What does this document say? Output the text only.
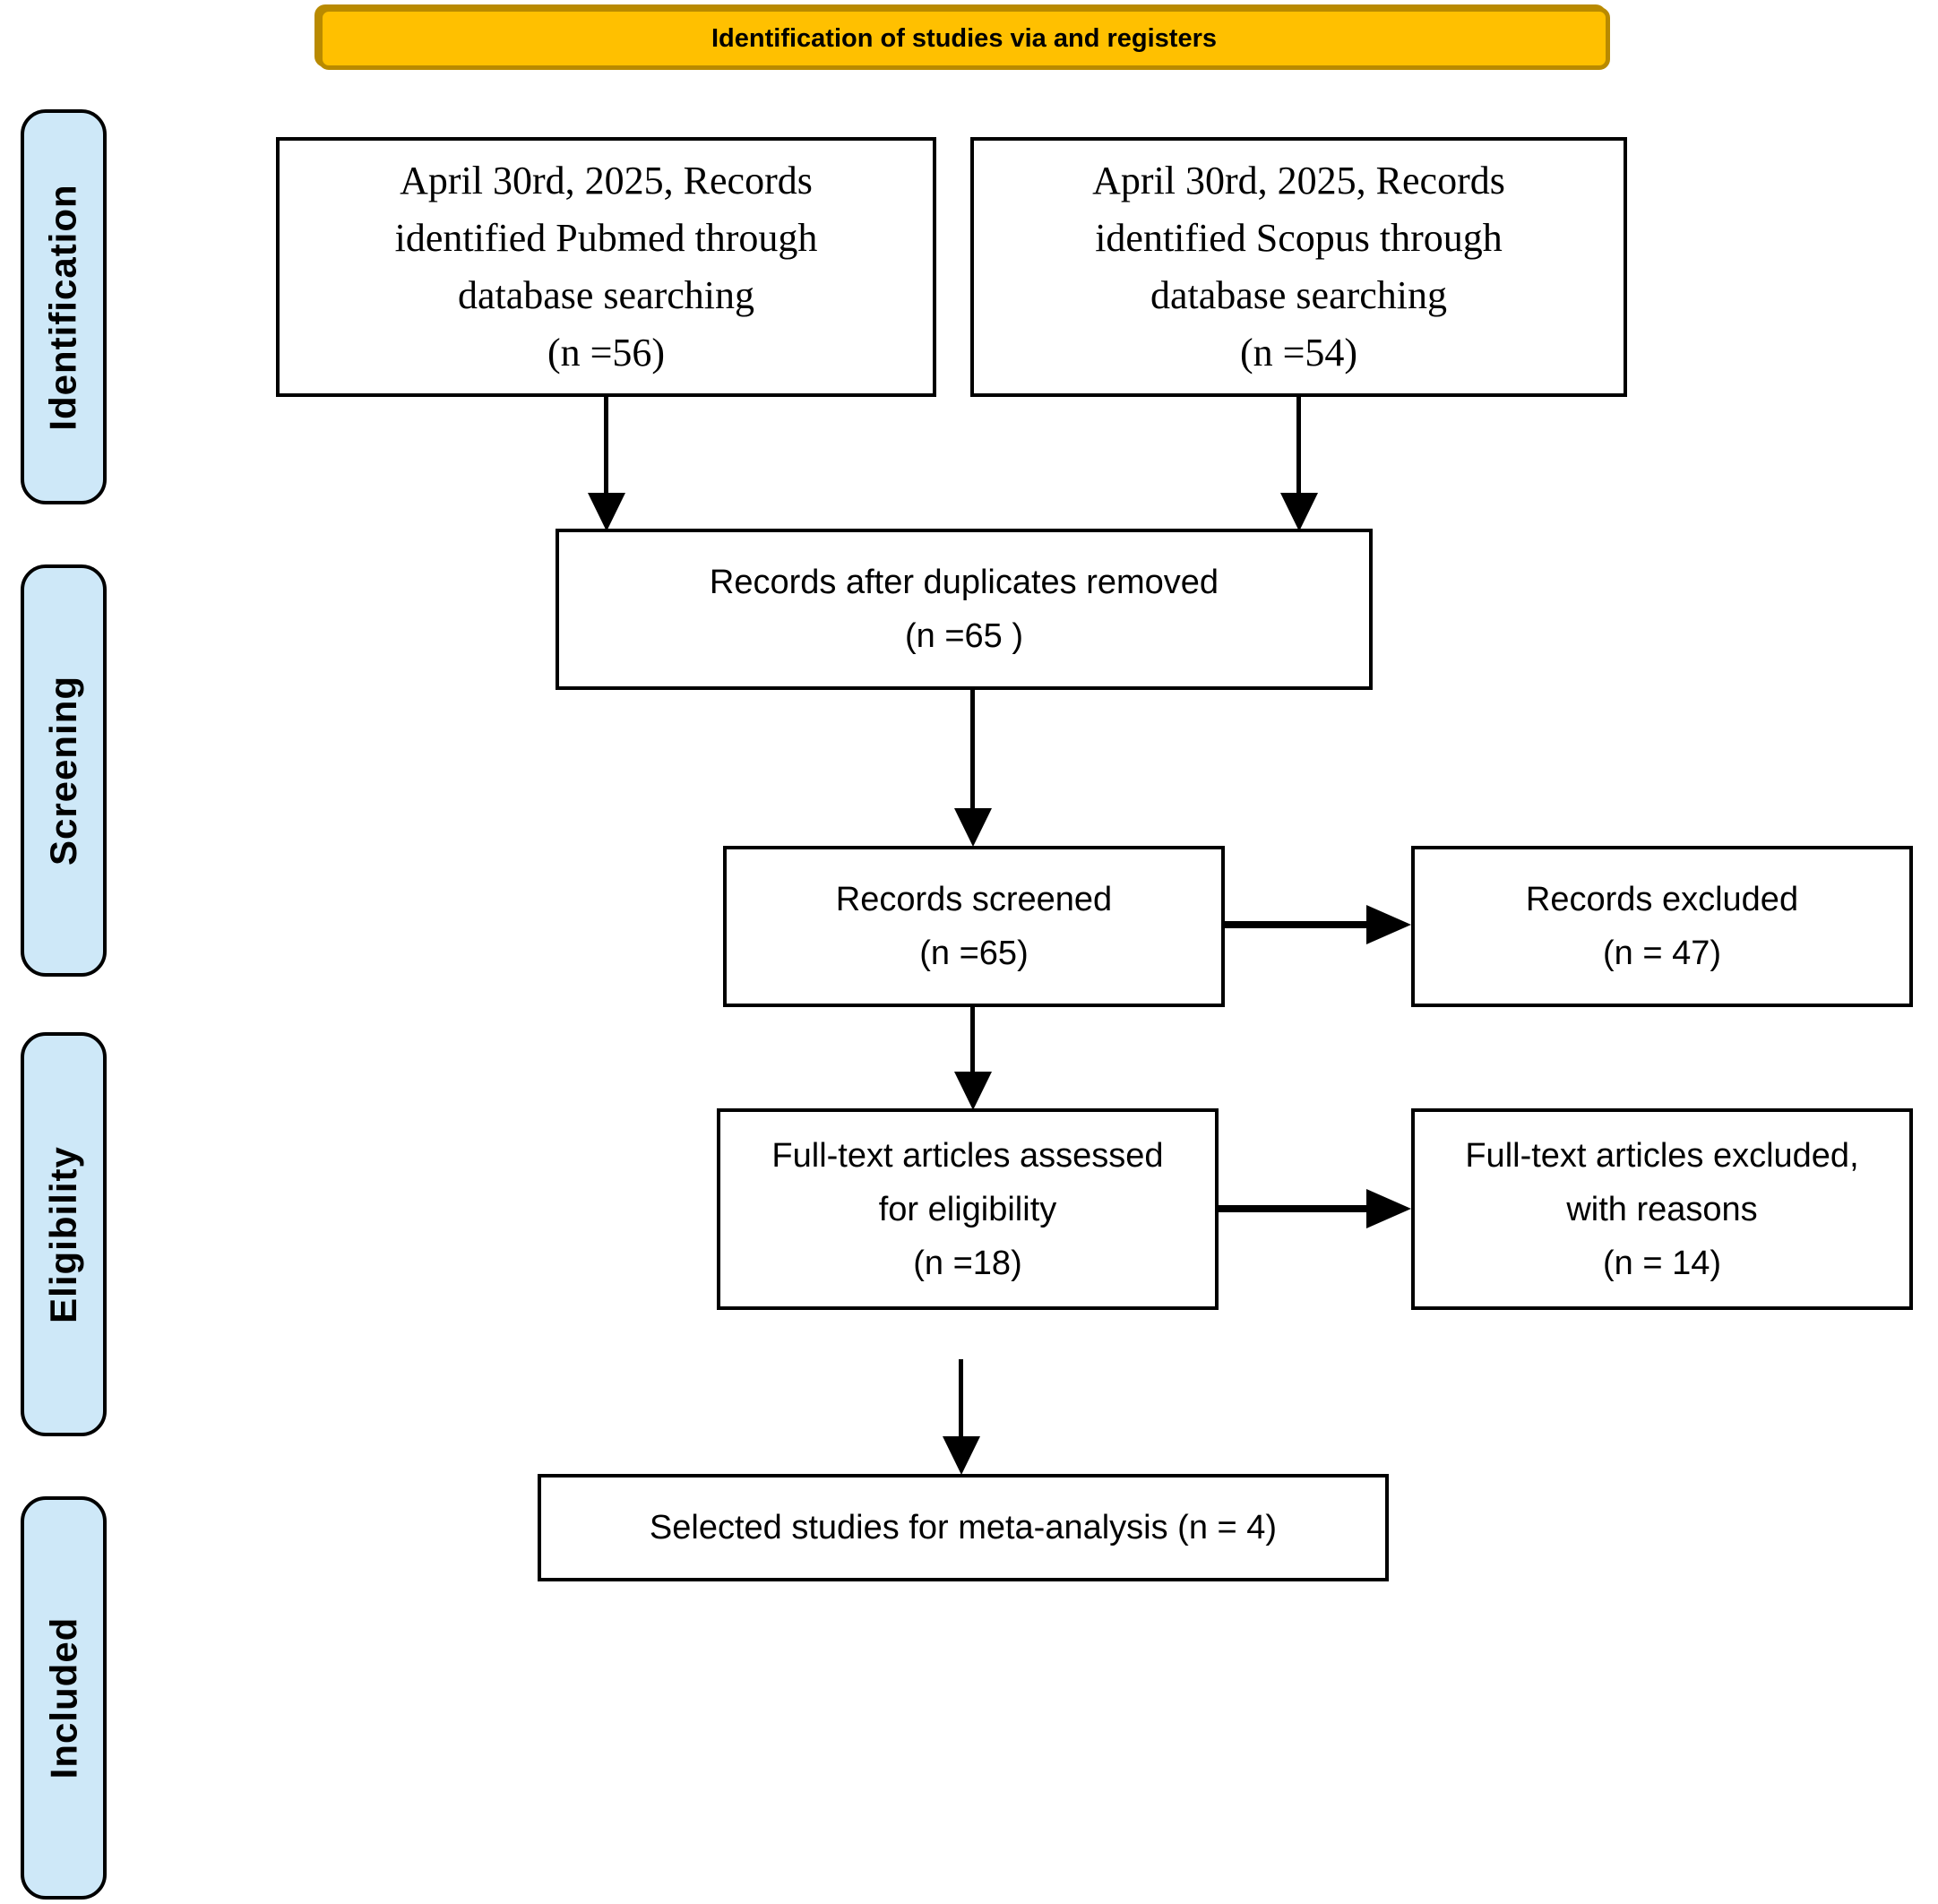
Identification of studies via and registers
Identification
Screening
Eligibility
Included
April 30rd, 2025, Records
identified Pubmed through
database searching
(n =56)
April 30rd, 2025, Records
identified Scopus through
database searching
(n =54)
Records after duplicates removed
(n =65 )
Records screened
(n =65)
Records excluded
(n = 47)
Full-text articles assessed
for eligibility
(n =18)
Full-text articles excluded,
with reasons
(n = 14)
Selected studies for meta-analysis (n = 4)
